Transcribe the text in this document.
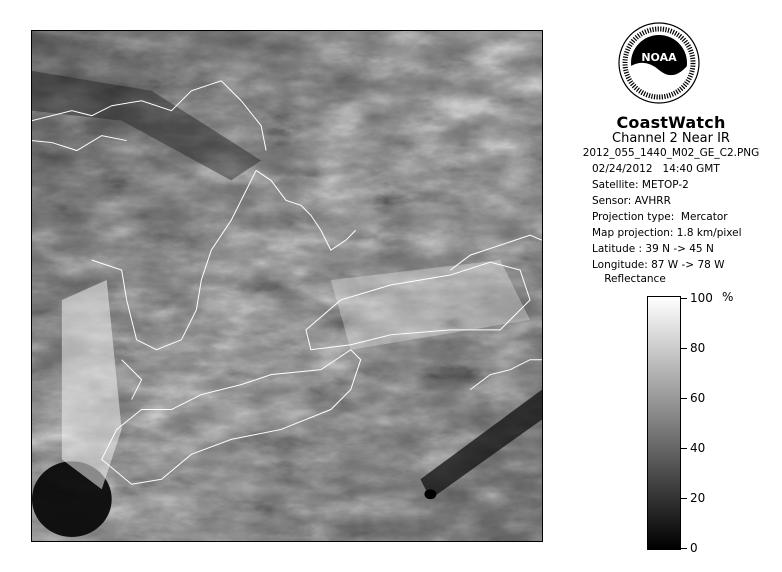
NOAA
CoastWatch
Channel 2 Near IR
2012_055_1440_M02_GE_C2.PNG
02/24/2012   14:40 GMT
Satellite: METOP-2
Sensor: AVHRR
Projection type:  Mercator
Map projection: 1.8 km/pixel
Latitude : 39 N -> 45 N
Longitude: 87 W -> 78 W
Reflectance
%
100
80
60
40
20
0
